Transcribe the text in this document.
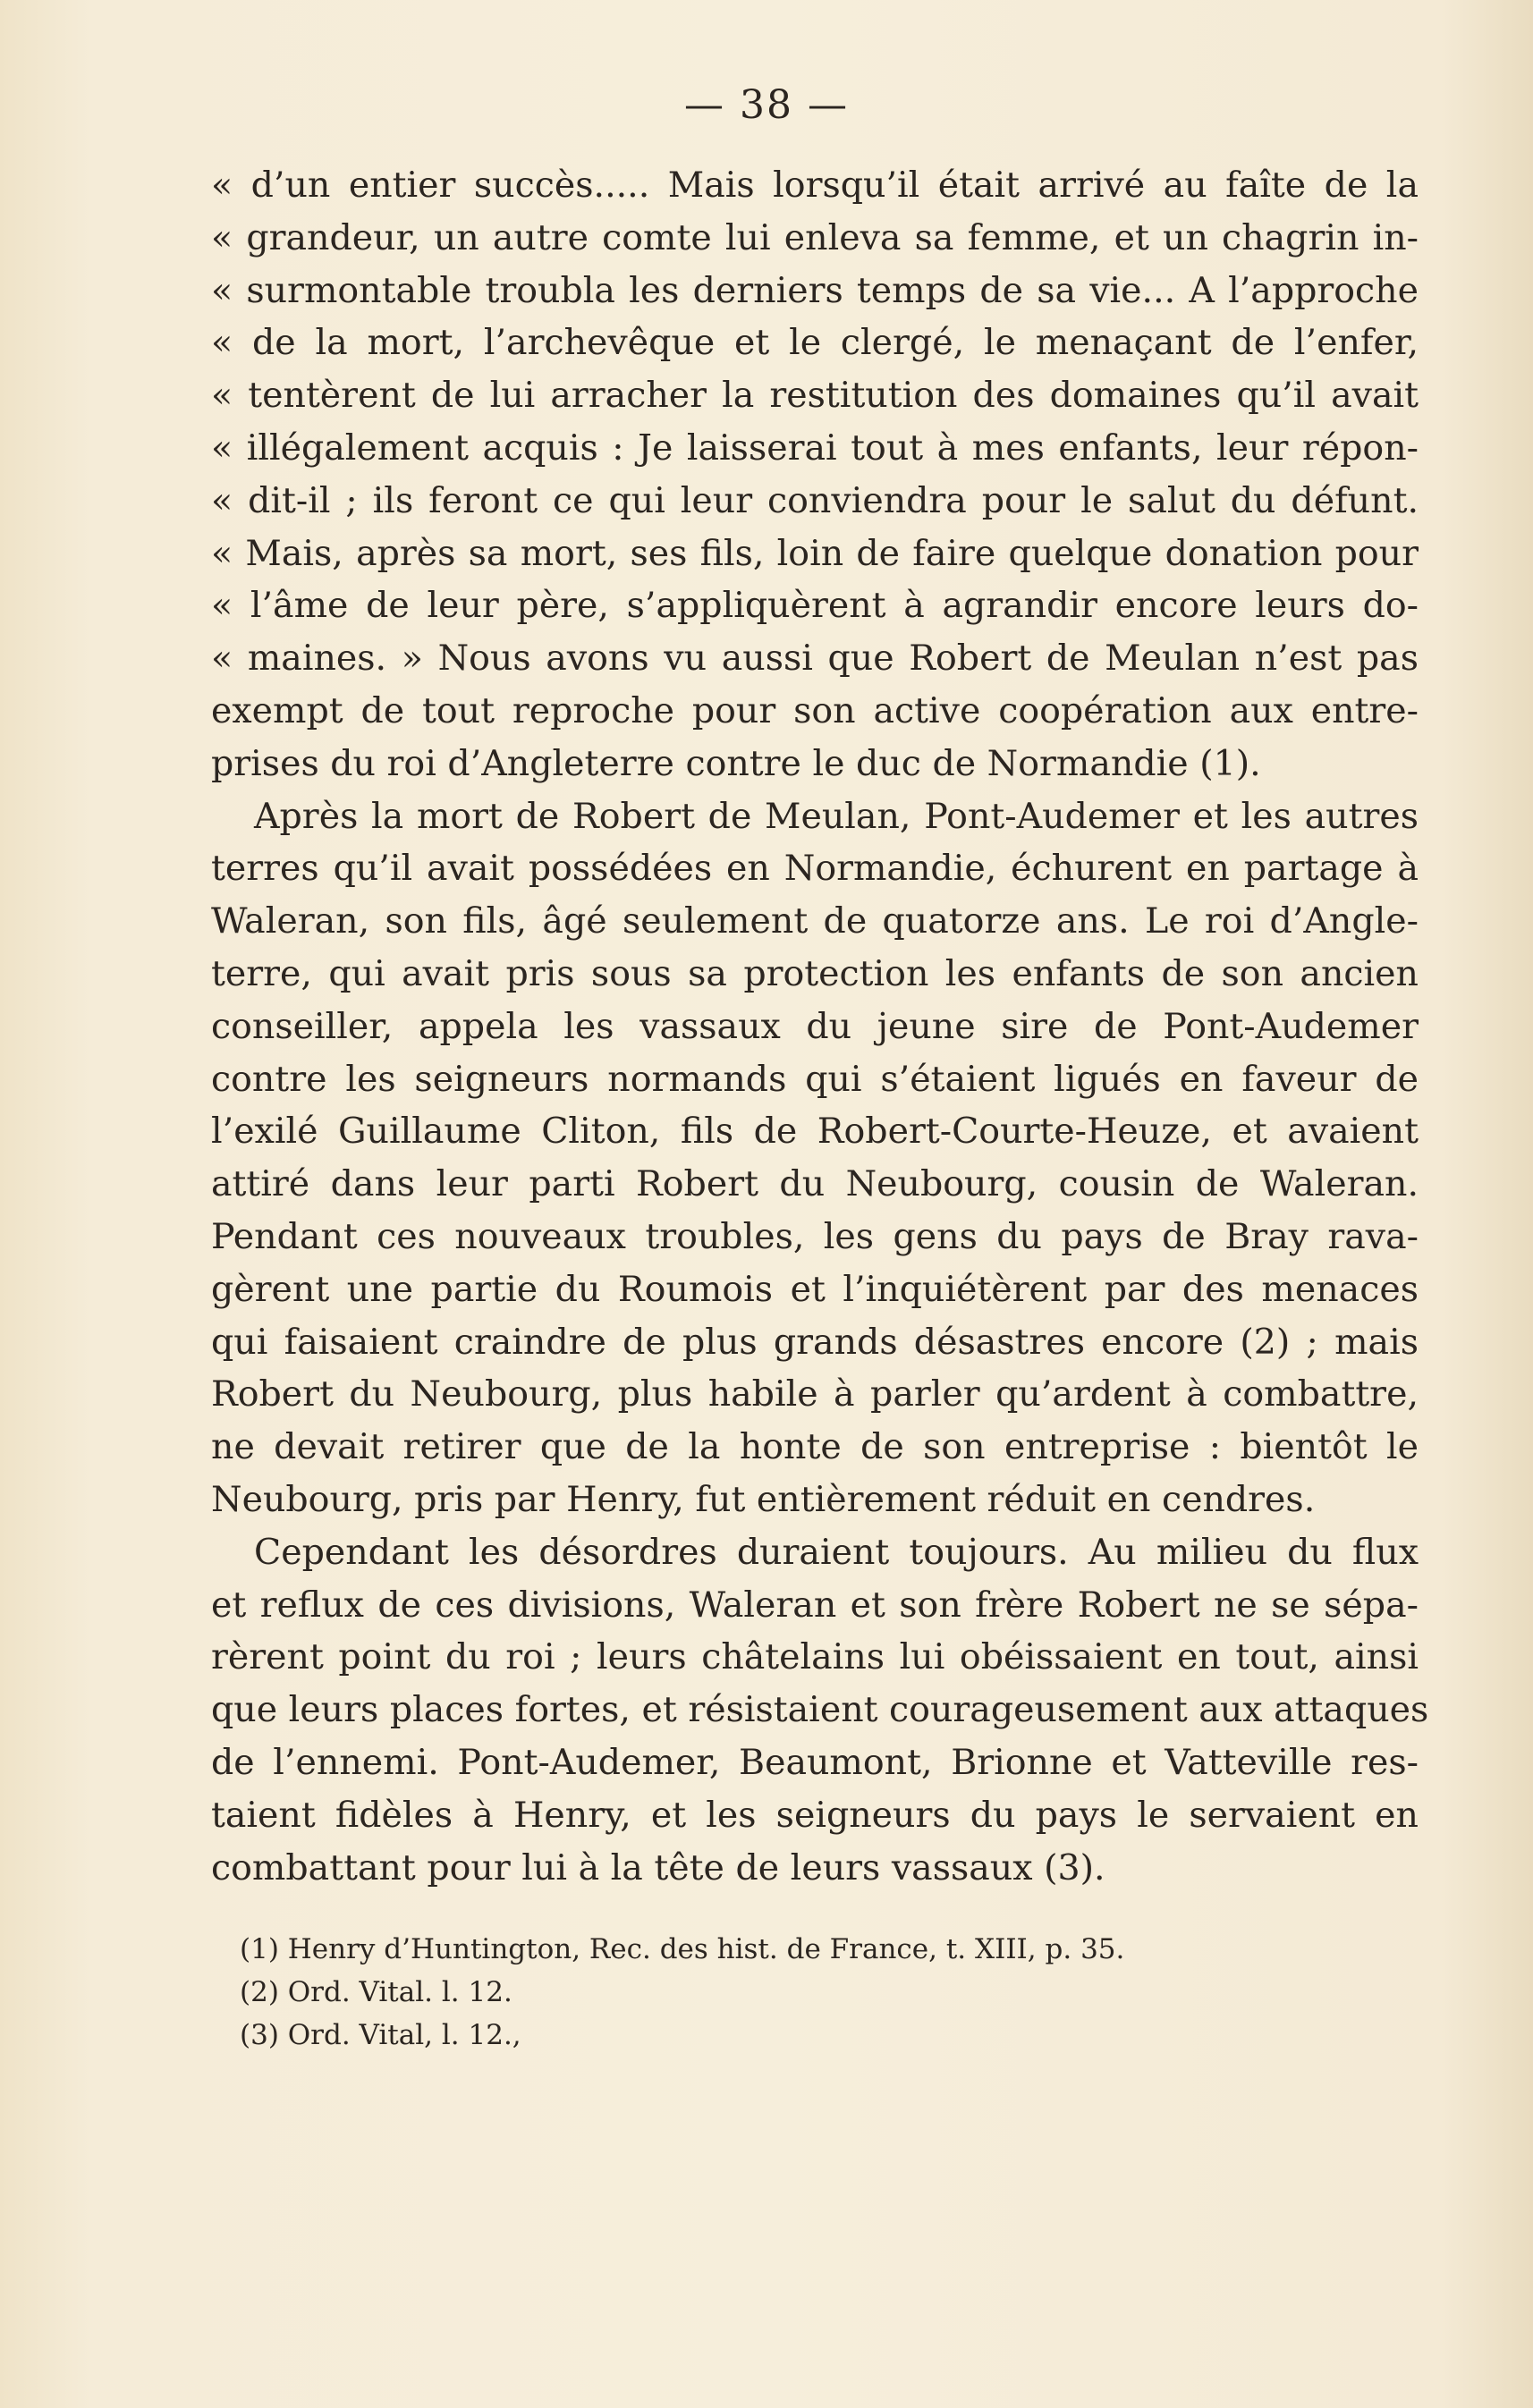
— 38 —
« d’un entier succès..... Mais lorsqu’il était arrivé au faîte de la
« grandeur, un autre comte lui enleva sa femme, et un chagrin in-
« surmontable troubla les derniers temps de sa vie... A l’approche
« de la mort, l’archevêque et le clergé, le menaçant de l’enfer,
« tentèrent de lui arracher la restitution des domaines qu’il avait
« illégalement acquis : Je laisserai tout à mes enfants, leur répon-
« dit-il ; ils feront ce qui leur conviendra pour le salut du défunt.
« Mais, après sa mort, ses fils, loin de faire quelque donation pour
« l’âme de leur père, s’appliquèrent à agrandir encore leurs do-
« maines. » Nous avons vu aussi que Robert de Meulan n’est pas
exempt de tout reproche pour son active coopération aux entre-
prises du roi d’Angleterre contre le duc de Normandie (1).
Après la mort de Robert de Meulan, Pont-Audemer et les autres
terres qu’il avait possédées en Normandie, échurent en partage à
Waleran, son fils, âgé seulement de quatorze ans. Le roi d’Angle-
terre, qui avait pris sous sa protection les enfants de son ancien
conseiller, appela les vassaux du jeune sire de Pont-Audemer
contre les seigneurs normands qui s’étaient ligués en faveur de
l’exilé Guillaume Cliton, fils de Robert-Courte-Heuze, et avaient
attiré dans leur parti Robert du Neubourg, cousin de Waleran.
Pendant ces nouveaux troubles, les gens du pays de Bray rava-
gèrent une partie du Roumois et l’inquiétèrent par des menaces
qui faisaient craindre de plus grands désastres encore (2) ; mais
Robert du Neubourg, plus habile à parler qu’ardent à combattre,
ne devait retirer que de la honte de son entreprise : bientôt le
Neubourg, pris par Henry, fut entièrement réduit en cendres.
Cependant les désordres duraient toujours. Au milieu du flux
et reflux de ces divisions, Waleran et son frère Robert ne se sépa-
rèrent point du roi ; leurs châtelains lui obéissaient en tout, ainsi
que leurs places fortes, et résistaient courageusement aux attaques
de l’ennemi. Pont-Audemer, Beaumont, Brionne et Vatteville res-
taient fidèles à Henry, et les seigneurs du pays le servaient en
combattant pour lui à la tête de leurs vassaux (3).
(1) Henry d’Huntington, Rec. des hist. de France, t. XIII, p. 35.
(2) Ord. Vital. l. 12.
(3) Ord. Vital, l. 12.,
